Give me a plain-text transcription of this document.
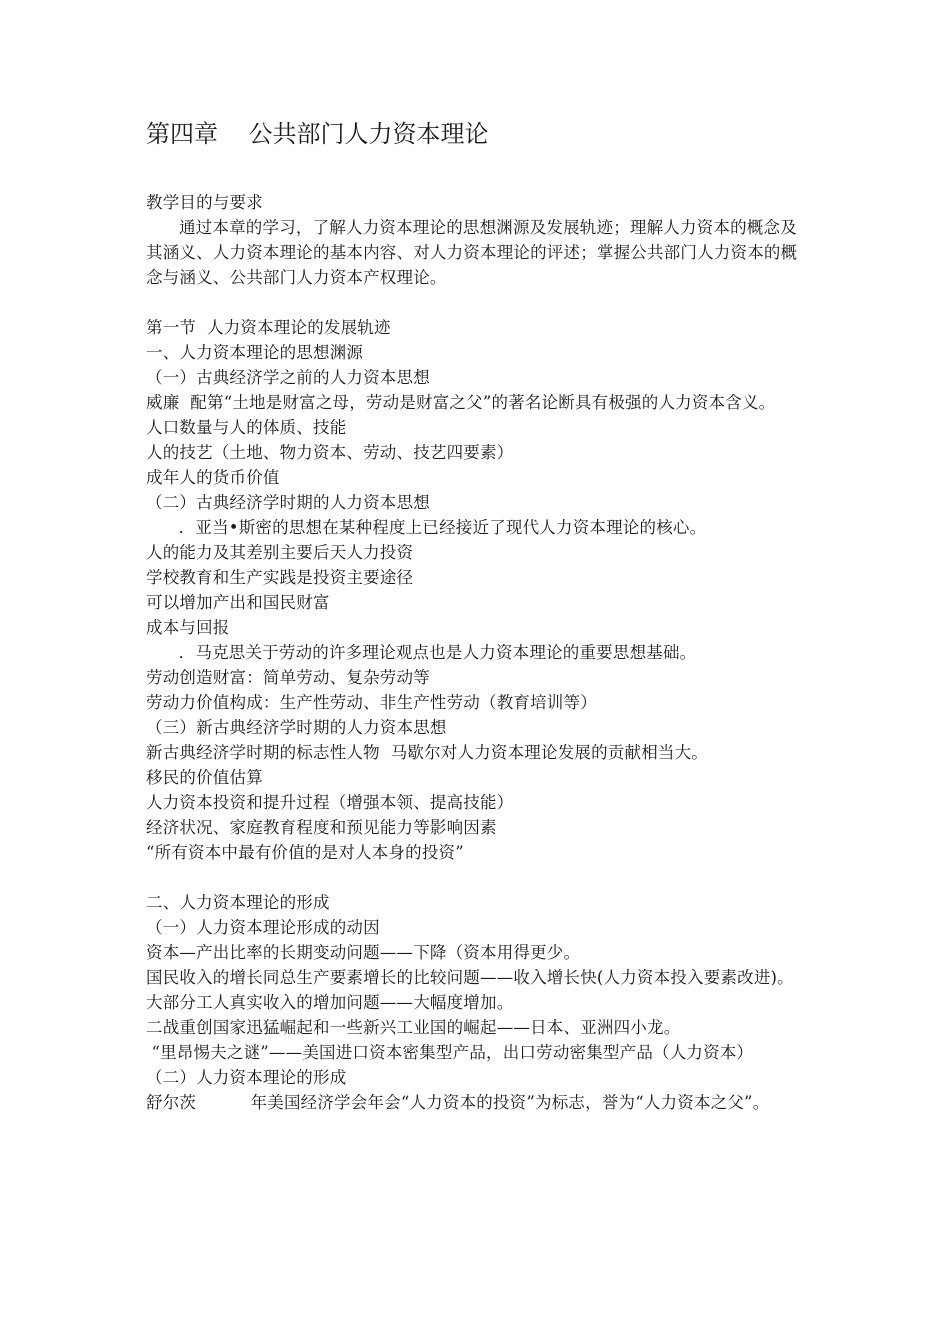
第四章    公共部门人力资本理论

教学目的与要求

通过本章的学习，了解人力资本理论的思想渊源及发展轨迹；理解人力资本的概念及其涵义、人力资本理论的基本内容、对人力资本理论的评述；掌握公共部门人力资本的概念与涵义、公共部门人力资本产权理论。

第一节  人力资本理论的发展轨迹

一、人力资本理论的思想渊源

（一）古典经济学之前的人力资本思想

威廉  配第“土地是财富之母，劳动是财富之父”的著名论断具有极强的人力资本含义。

人口数量与人的体质、技能

人的技艺（土地、物力资本、劳动、技艺四要素）

成年人的货币价值

（二）古典经济学时期的人力资本思想

．亚当•斯密的思想在某种程度上已经接近了现代人力资本理论的核心。

人的能力及其差别主要后天人力投资

学校教育和生产实践是投资主要途径

可以增加产出和国民财富

成本与回报

．马克思关于劳动的许多理论观点也是人力资本理论的重要思想基础。

劳动创造财富：简单劳动、复杂劳动等

劳动力价值构成：生产性劳动、非生产性劳动（教育培训等）

（三）新古典经济学时期的人力资本思想

新古典经济学时期的标志性人物  马歇尔对人力资本理论发展的贡献相当大。

移民的价值估算

人力资本投资和提升过程（增强本领、提高技能）

经济状况、家庭教育程度和预见能力等影响因素

“所有资本中最有价值的是对人本身的投资”

二、人力资本理论的形成

（一）人力资本理论形成的动因

资本—产出比率的长期变动问题——下降（资本用得更少。

国民收入的增长同总生产要素增长的比较问题——收入增长快(人力资本投入要素改进)。

大部分工人真实收入的增加问题——大幅度增加。

二战重创国家迅猛崛起和一些新兴工业国的崛起——日本、亚洲四小龙。

“里昂惕夫之谜”——美国进口资本密集型产品，出口劳动密集型产品（人力资本）

（二）人力资本理论的形成

舒尔茨          年美国经济学会年会“人力资本的投资”为标志，誉为“人力资本之父”。
